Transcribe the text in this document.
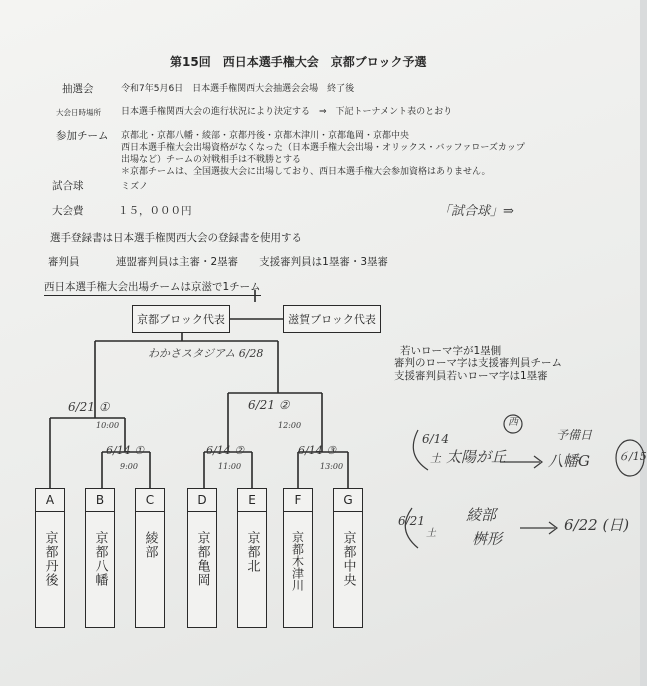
第15回　西日本選手権大会　京都ブロック予選
抽選会	令和7年5月6日　日本選手権関西大会抽選会会場　終了後
大会日時場所 日本選手権関西大会の進行状況により決定する　⇒　下記トーナメント表のとおり
参加チーム 京都北・京都八幡・綾部・京都丹後・京都木津川・京都亀岡・京都中央
西日本選手権大会出場資格がなくなった（日本選手権大会出場・オリックス・バッファローズカップ
出場など）チームの対戦相手は不戦勝とする
＊京都チームは、全国選抜大会に出場しており、西日本選手権大会参加資格はありません。
試合球	ミズノ
大会費	１５，０００円
選手登録書は日本選手権関西大会の登録書を使用する
審判員	連盟審判員は主審・2塁審　　支援審判員は1塁審・3塁審
西日本選手権大会出場チームは京滋で1チーム
「試合球」⇒
京都ブロック代表	滋賀ブロック代表
若いローマ字が1塁側
審判のローマ字は支援審判員チーム
支援審判員若いローマ字は1塁審
わかさスタジアム 6/28
6/21 ①
10:00
6/21 ②
12:00
6/14 ①
9:00
6/14 ②
11:00
6/14 ③
13:00
A
京都丹後
B
京都八幡
C
綾部
D
京都亀岡
E
京都北
F
京都木津川
G
京都中央
6/14
土 太陽が丘
西
予備日
八幡G	６/15
6/21
土
綾部
桝形
6/22 (日)
